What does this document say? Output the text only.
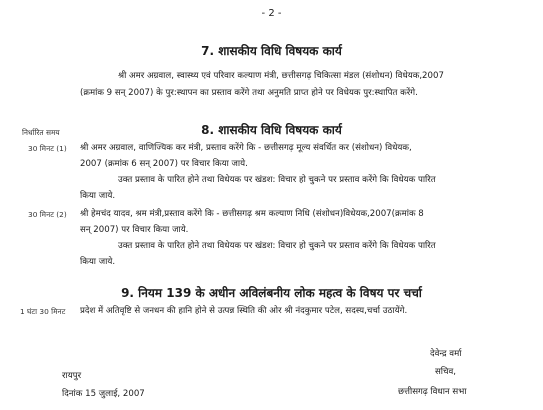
- 2 -
7. शासकीय विधि विषयक कार्य
श्री अमर अग्रवाल, स्वास्थ्य एवं परिवार कल्याण मंत्री, छत्तीसगढ़ चिकित्सा मंडल (संशोधन) विधेयक,2007
(क्रमांक 9 सन् 2007) के पुर:स्थापन का प्रस्ताव करेंगे तथा अनुमति प्राप्त होने पर विधेयक पुर:स्थापित करेंगे.
8. शासकीय विधि विषयक कार्य
निर्धारित समय
30 मिनट (1) श्री अमर अग्रवाल, वाणिज्यिक कर मंत्री, प्रस्ताव करेंगे कि - छत्तीसगढ़ मूल्य संवर्धित कर (संशोधन) विधेयक,
2007 (क्रमांक 6 सन् 2007) पर विचार किया जाये.
उक्त प्रस्ताव के पारित होने तथा विधेयक पर खंडश: विचार हो चुकने पर प्रस्ताव करेंगे कि विधेयक पारित
किया जाये.
30 मिनट (2) श्री हेमचंद यादव, श्रम मंत्री,प्रस्ताव करेंगे कि - छत्तीसगढ़ श्रम कल्याण निधि (संशोधन)विधेयक,2007(क्रमांक 8
सन् 2007) पर विचार किया जाये.
उक्त प्रस्ताव के पारित होने तथा विधेयक पर खंडश: विचार हो चुकने पर प्रस्ताव करेंगे कि विधेयक पारित
किया जाये.
9. नियम 139 के अधीन अविलंबनीय लोक महत्व के विषय पर चर्चा
1 घंटा 30 मिनट प्रदेश में अतिवृष्टि से जनधन की हानि होने से उत्पन्न स्थिति की ओर श्री नंदकुमार पटेल, सदस्य,चर्चा उठायेंगे.
रायपुर
दिनांक 15 जुलाई, 2007
देवेन्द्र वर्मा
सचिव,
छत्तीसगढ़ विधान सभा
